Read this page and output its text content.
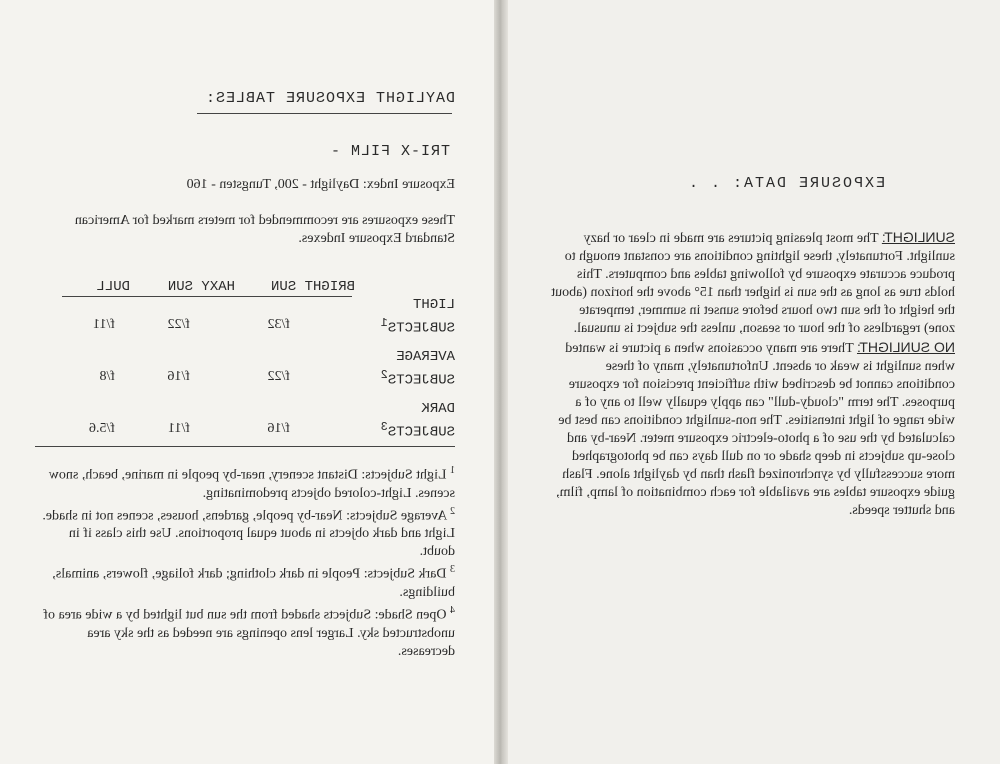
DAYLIGHT EXPOSURE TABLES:
TRI-X FILM -
Exposure Index: Daylight - 200, Tungsten - 160
These exposures are recommended for meters marked for American Standard Exposure Indexes.
BRIGHT SUN
HAXY SUN
DULL
LIGHT SUBJECTS$^1$
f/32
f/22
f/11
AVERAGE SUBJECTS$^2$
f/22
f/16
f/8
DARK SUBJECTS$^3$
f/16
f/11
f/5.6

$^1$ Light Subjects: Distant scenery, near-by people in marine, beach, snow scenes. Light-colored objects predominating.

$^2$ Average Subjects: Near-by people, gardens, houses, scenes not in shade. Light and dark objects in about equal proportions. Use this class if in doubt.

$^3$ Dark Subjects: People in dark clothing; dark foliage, flowers, animals, buildings.

$^4$ Open Shade: Subjects shaded from the sun but lighted by a wide area of unobstructed sky. Larger lens openings are needed as the sky area decreases.

EXPOSURE DATA: . .

SUNLIGHT: The most pleasing pictures are made in clear or hazy sunlight. Fortunately, these lighting conditions are constant enough to produce accurate exposure by following tables and computers. This holds true as long as the sun is higher than 15° above the horizon (about the height of the sun two hours before sunset in summer, temperate zone) regardless of the hour or season, unless the subject is unusual.

NO SUNLIGHT: There are many occasions when a picture is wanted when sunlight is weak or absent. Unfortunately, many of these conditions cannot be described with sufficient precision for exposure purposes. The term "cloudy-dull" can apply equally well to any of a wide range of light intensities. The non-sunlight conditions can best be calculated by the use of a photo-electric exposure meter. Near-by and close-up subjects in deep shade or on dull days can be photographed more successfully by synchronized flash than by daylight alone. Flash guide exposure tables are available for each combination of lamp, film, and shutter speeds.
